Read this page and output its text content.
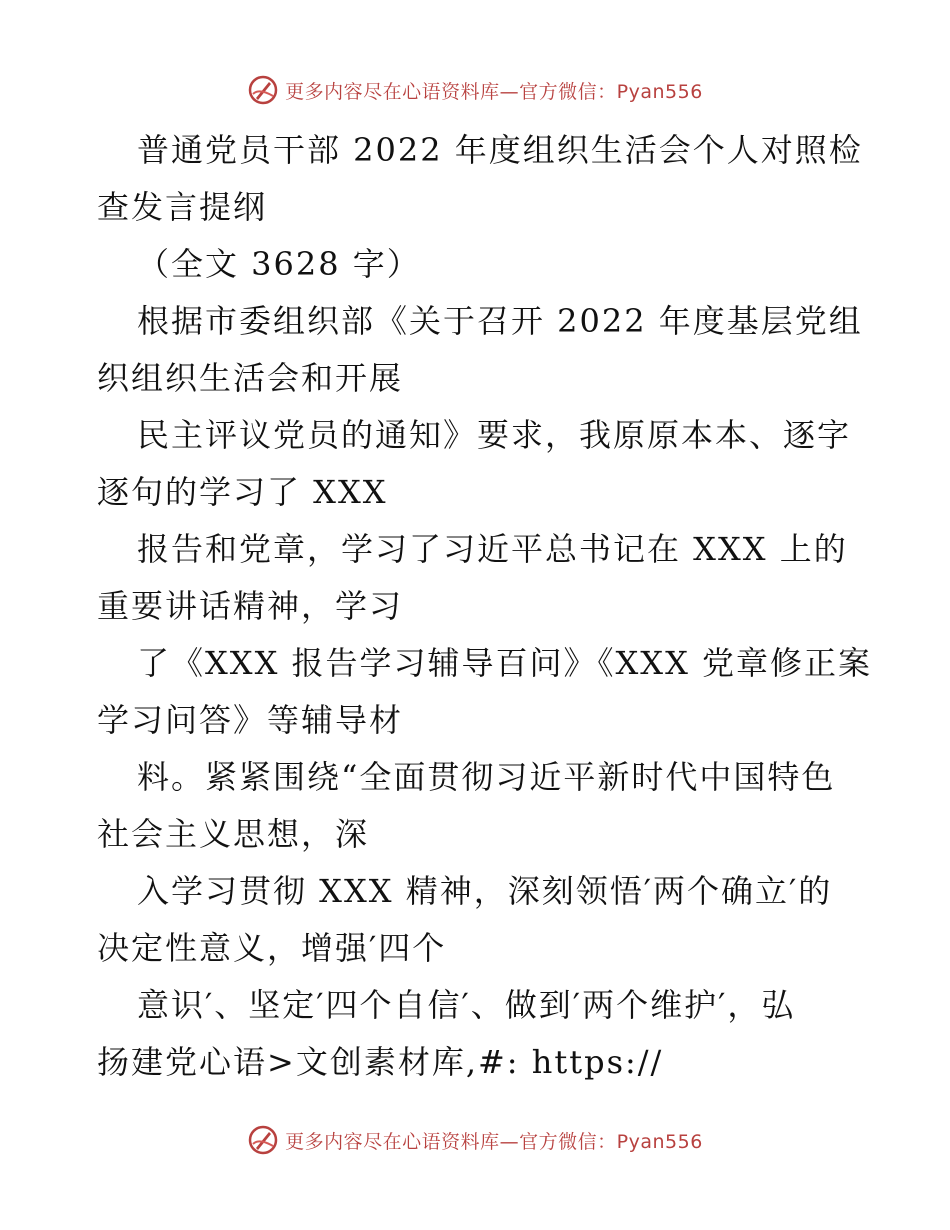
更多内容尽在心语资料库—官方微信：Pyan556

普通党员干部 2022 年度组织生活会个人对照检

查发言提纲

（全文 3628 字）

根据市委组织部《关于召开 2022 年度基层党组

织组织生活会和开展

民主评议党员的通知》要求，我原原本本、逐字

逐句的学习了 XXX

报告和党章，学习了习近平总书记在 XXX 上的

重要讲话精神，学习

了《XXX 报告学习辅导百问》《XXX 党章修正案

学习问答》等辅导材

料。紧紧围绕“全面贯彻习近平新时代中国特色

社会主义思想，深

入学习贯彻 XXX 精神，深刻领悟′两个确立′的

决定性意义，增强′四个

意识′、坚定′四个自信′、做到′两个维护′，弘

扬建党心语>文创素材库,#: https://

更多内容尽在心语资料库—官方微信：Pyan556
